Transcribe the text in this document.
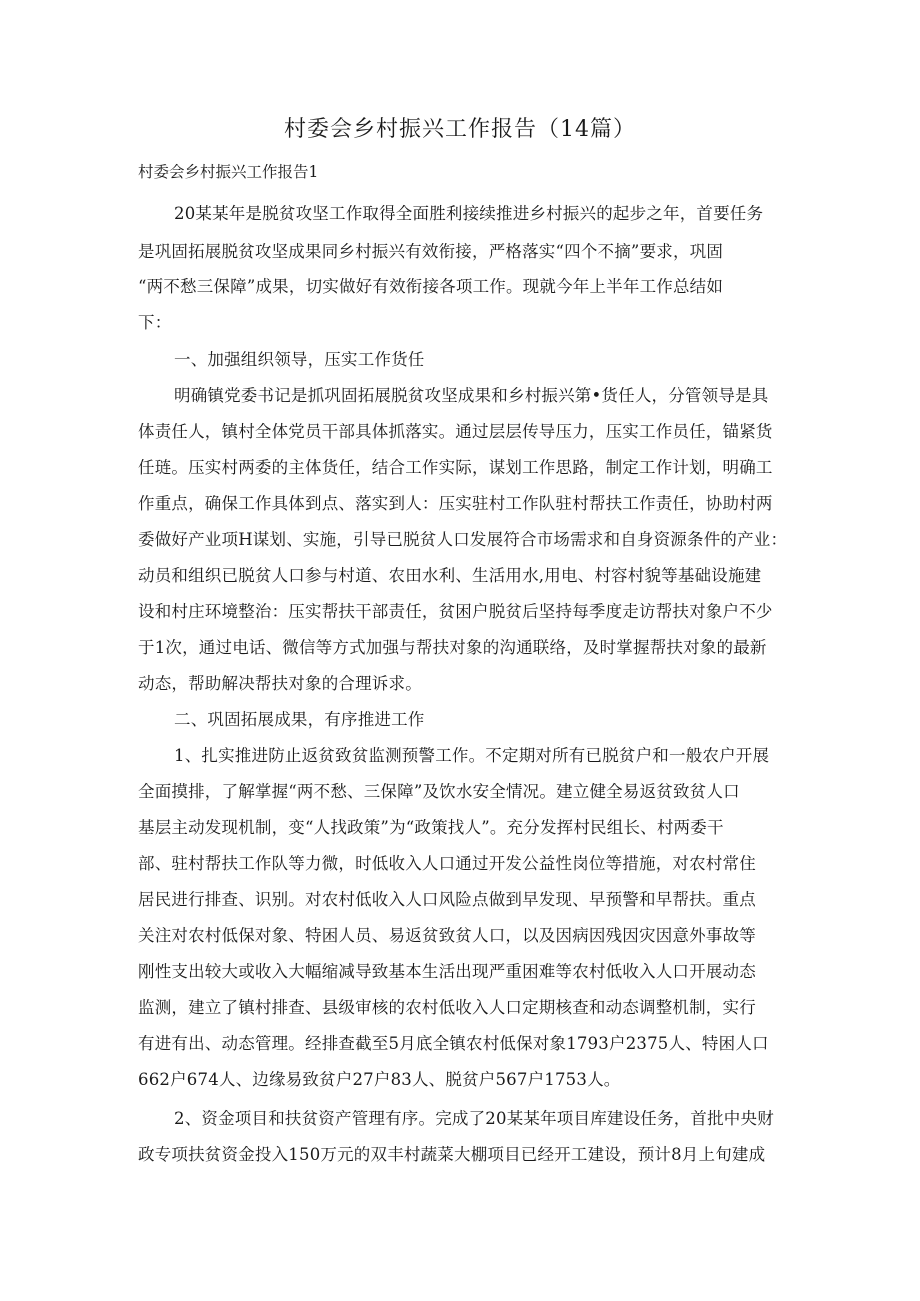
村委会乡村振兴工作报告（14篇）
村委会乡村振兴工作报告1
20某某年是脱贫攻坚工作取得全面胜利接续推进乡村振兴的起步之年，首要任务
是巩固拓展脱贫攻坚成果同乡村振兴有效衔接，严格落实“四个不摘”要求，巩固
“两不愁三保障”成果，切实做好有效衔接各项工作。现就今年上半年工作总结如
下：
一、加强组织领导，压实工作货任
明确镇党委书记是抓巩固拓展脱贫攻坚成果和乡村振兴第•货任人，分管领导是具
体责任人，镇村全体党员干部具体抓落实。通过层层传导压力，压实工作员任，锚紧货
任琏。压实村两委的主体货任，结合工作实际，谋划工作思路，制定工作计划，明确工
作重点，确保工作具体到点、落实到人：压实驻村工作队驻村帮扶工作责任，协助村两
委做好产业项H谋划、实施，引导已脱贫人口发展符合市场需求和自身资源条件的产业：
动员和组织已脱贫人口参与村道、农田水利、生活用水,用电、村容村貌等基础设施建
设和村庄环境整治：压实帮扶干部责任，贫困户脱贫后坚持每季度走访帮扶对象户不少
于1次，通过电话、微信等方式加强与帮扶对象的沟通联络，及时掌握帮扶对象的最新
动态，帮助解决帮扶对象的合理诉求。
二、巩固拓展成果，有序推进工作
1、扎实推进防止返贫致贫监测预警工作。不定期对所有已脱贫户和一般农户开展
全面摸排，了解掌握“两不愁、三保障”及饮水安全情况。建立健全易返贫致贫人口
基层主动发现机制，变“人找政策”为“政策找人”。充分发挥村民组长、村两委干
部、驻村帮扶工作队等力微，时低收入人口通过开发公益性岗位等措施，对农村常住
居民进行排查、识别。对农村低收入人口风险点做到早发现、早预警和早帮扶。重点
关注对农村低保对象、特困人员、易返贫致贫人口，以及因病因残因灾因意外事故等
刚性支出较大或收入大幅缩减导致基本生活出现严重困难等农村低收入人口开展动态
监测，建立了镇村排查、县级审核的农村低收入人口定期核查和动态调整机制，实行
有进有出、动态管理。经排查截至5月底全镇农村低保对象1793户2375人、特困人口
662户674人、边缘易致贫户27户83人、脱贫户567户1753人。
2、资金项目和扶贫资产管理有序。完成了20某某年项目库建设任务，首批中央财
政专项扶贫资金投入150万元的双丰村蔬菜大棚项目已经开工建设，预计8月上旬建成
